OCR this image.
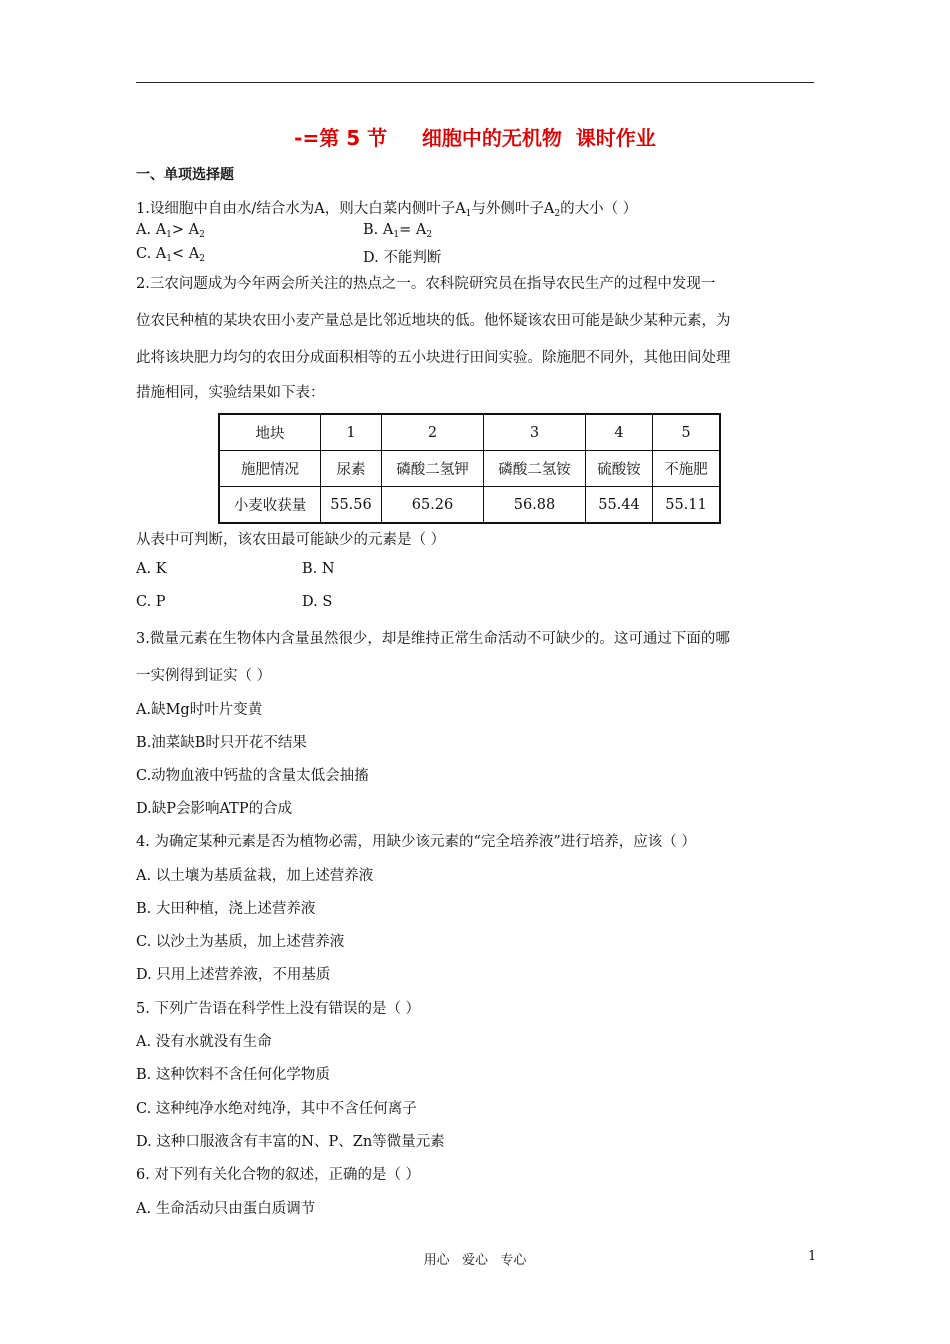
-=第 5 节     细胞中的无机物  课时作业
一、单项选择题
1.设细胞中自由水/结合水为A，则大白菜内侧叶子$A_1$与外侧叶子$A_2$的大小（ ）
A. $A_1> A_2$	B. $A_1= A_2$
C. $A_1< A_2$	D. 不能判断
2.三农问题成为今年两会所关注的热点之一。农科院研究员在指导农民生产的过程中发现一
位农民种植的某块农田小麦产量总是比邻近地块的低。他怀疑该农田可能是缺少某种元素，为
此将该块肥力均匀的农田分成面积相等的五小块进行田间实验。除施肥不同外，其他田间处理
措施相同，实验结果如下表：
地块	1	2	3	4	5
施肥情况	尿素	磷酸二氢钾	磷酸二氢铵	硫酸铵	不施肥
小麦收获量	55.56	65.26	56.88	55.44	55.11
从表中可判断，该农田最可能缺少的元素是（ ）
A. K	B. N
C. P	D. S
3.微量元素在生物体内含量虽然很少，却是维持正常生命活动不可缺少的。这可通过下面的哪
一实例得到证实（ ）
A.缺Mg时叶片变黄
B.油菜缺B时只开花不结果
C.动物血液中钙盐的含量太低会抽搐
D.缺P会影响ATP的合成
4. 为确定某种元素是否为植物必需，用缺少该元素的“完全培养液”进行培养，应该（ ）
A. 以土壤为基质盆栽，加上述营养液
B. 大田种植，浇上述营养液
C. 以沙土为基质，加上述营养液
D. 只用上述营养液，不用基质
5. 下列广告语在科学性上没有错误的是（ ）
A. 没有水就没有生命
B. 这种饮料不含任何化学物质
C. 这种纯净水绝对纯净，其中不含任何离子
D. 这种口服液含有丰富的N、P、Zn等微量元素
6. 对下列有关化合物的叙述，正确的是（ ）
A. 生命活动只由蛋白质调节
用心   爱心   专心	1
